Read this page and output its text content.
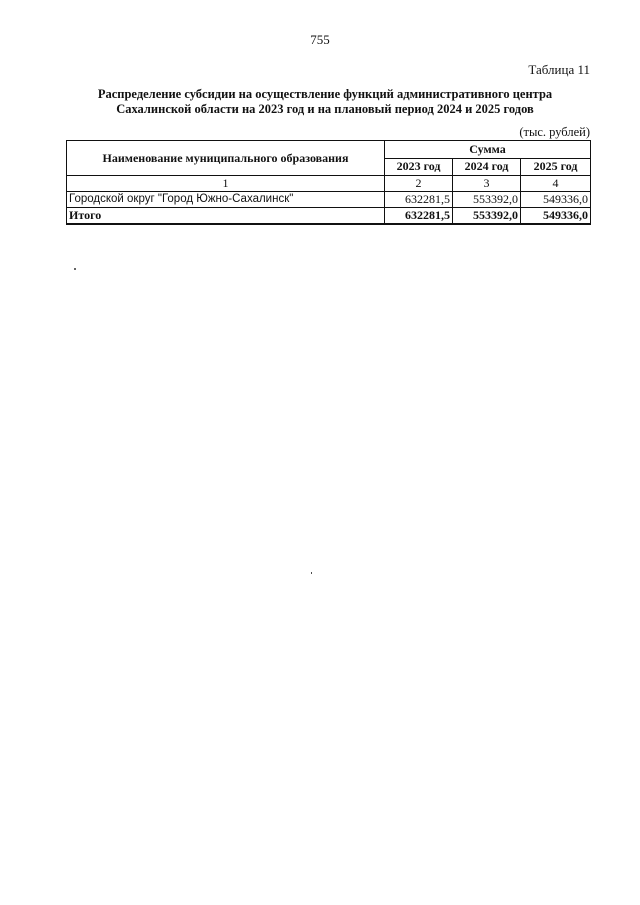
755
Таблица 11
Распределение субсидии на осуществление функций административного центра
Сахалинской области на 2023 год и на плановый период 2024 и 2025 годов
(тыс. рублей)
Наименование муниципального образования	Сумма		
	2023 год	2024 год	2025 год
1	2	3	4
Городской округ "Город Южно-Сахалинск"	632281,5	553392,0	549336,0
Итого	632281,5	553392,0	549336,0
